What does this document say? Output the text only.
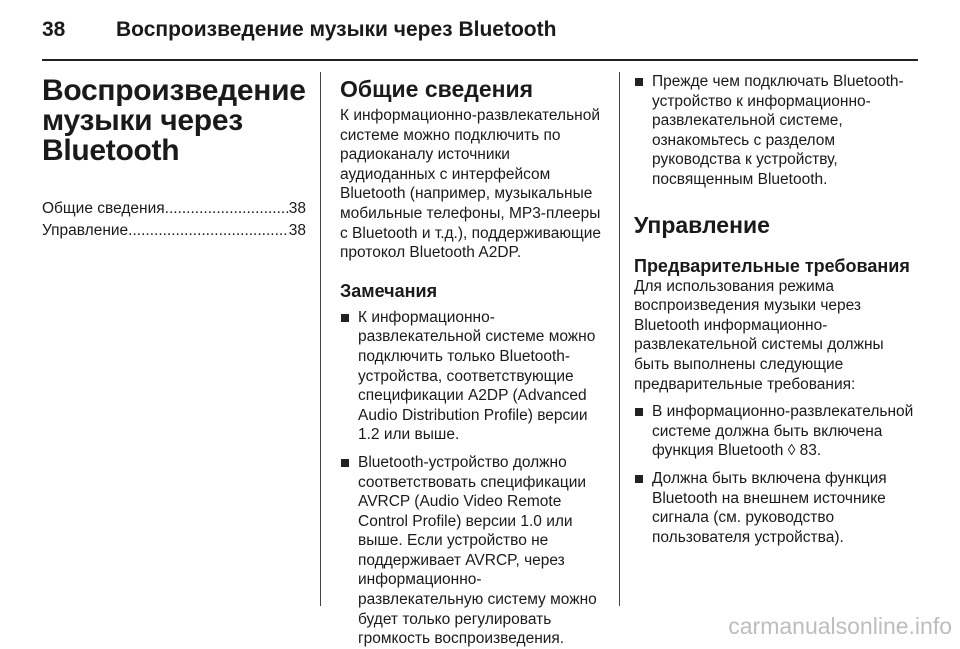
38 Воспроизведение музыки через Bluetooth
Воспроизведение музыки через Bluetooth
Общие сведения .....	38
Управление .....	38
Общие сведения

К информационно-развлекательной системе можно подключить по радиоканалу источники аудиоданных с интерфейсом Bluetooth (например, музыкальные мобильные телефоны, MP3-плееры с Bluetooth и т.д.), поддерживающие протокол Bluetooth A2DP.

Замечания
К информационно-развлекательной системе можно подключить только Bluetooth-устройства, соответствующие спецификации A2DP (Advanced Audio Distribution Profile) версии 1.2 или выше.
Bluetooth-устройство должно соответствовать спецификации AVRCP (Audio Video Remote Control Profile) версии 1.0 или выше. Если устройство не поддерживает AVRCP, через информационно-развлекательную систему можно будет только регулировать громкость воспроизведения.
Прежде чем подключать Bluetooth-устройство к информационно-развлекательной системе, ознакомьтесь с разделом руководства к устройству, посвященным Bluetooth.
Управление
Предварительные требования

Для использования режима воспроизведения музыки через Bluetooth информационно-развлекательной системы должны быть выполнены следующие предварительные требования:

В информационно-развлекательной системе должна быть включена функция Bluetooth ◊ 83.
Должна быть включена функция Bluetooth на внешнем источнике сигнала (см. руководство пользователя устройства).
carmanualsonline.info
